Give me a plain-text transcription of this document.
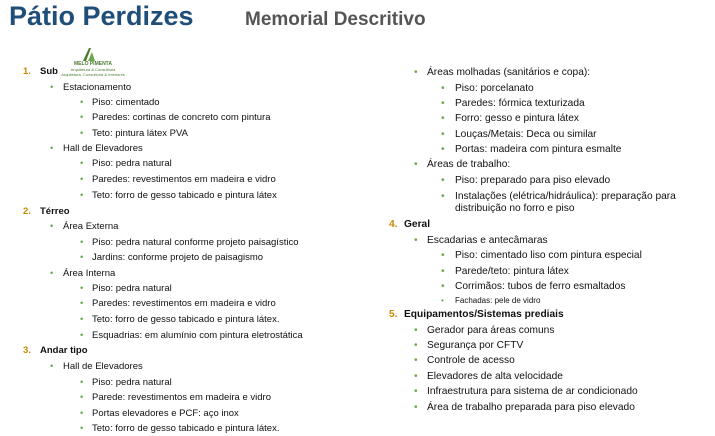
Pátio Perdizes	Memorial Descritivo
1. Sub
• Estacionamento
• Piso: cimentado
• Paredes: cortinas de concreto com pintura
• Teto: pintura látex PVA
• Hall de Elevadores
• Piso: pedra natural
• Paredes: revestimentos em madeira e vidro
• Teto: forro de gesso tabicado e pintura látex
2. Térreo
• Área Externa
• Piso: pedra natural conforme projeto paisagístico
• Jardins: conforme projeto de paisagismo
• Área Interna
• Piso: pedra natural
• Paredes: revestimentos em madeira e vidro
• Teto: forro de gesso tabicado e pintura látex.
• Esquadrias: em alumínio com pintura eletrostática
3. Andar tipo
• Hall de Elevadores
• Piso: pedra natural
• Parede: revestimentos em madeira e vidro
• Portas elevadores e PCF: aço inox
• Teto: forro de gesso tabicado e pintura látex.
• Áreas molhadas (sanitários e copa):
• Piso: porcelanato
• Paredes: fórmica texturizada
• Forro: gesso e pintura látex
• Louças/Metais: Deca ou similar
• Portas: madeira com pintura esmalte
• Áreas de trabalho:
• Piso: preparado para piso elevado
• Instalações (elétrica/hidráulica): preparação para
distribuição no forro e piso
4. Geral
• Escadarias e antecâmaras
• Piso: cimentado liso com pintura especial
• Parede/teto: pintura látex
• Corrimãos: tubos de ferro esmaltados
• Fachadas: pele de vidro
5. Equipamentos/Sistemas prediais
• Gerador para áreas comuns
• Segurança por CFTV
• Controle de acesso
• Elevadores de alta velocidade
• Infraestrutura para sistema de ar condicionado
• Área de trabalho preparada para piso elevado
MELO PIMENTA
Arquitetura & Consultoria
Arquitetura, Consultoria & Interiores
